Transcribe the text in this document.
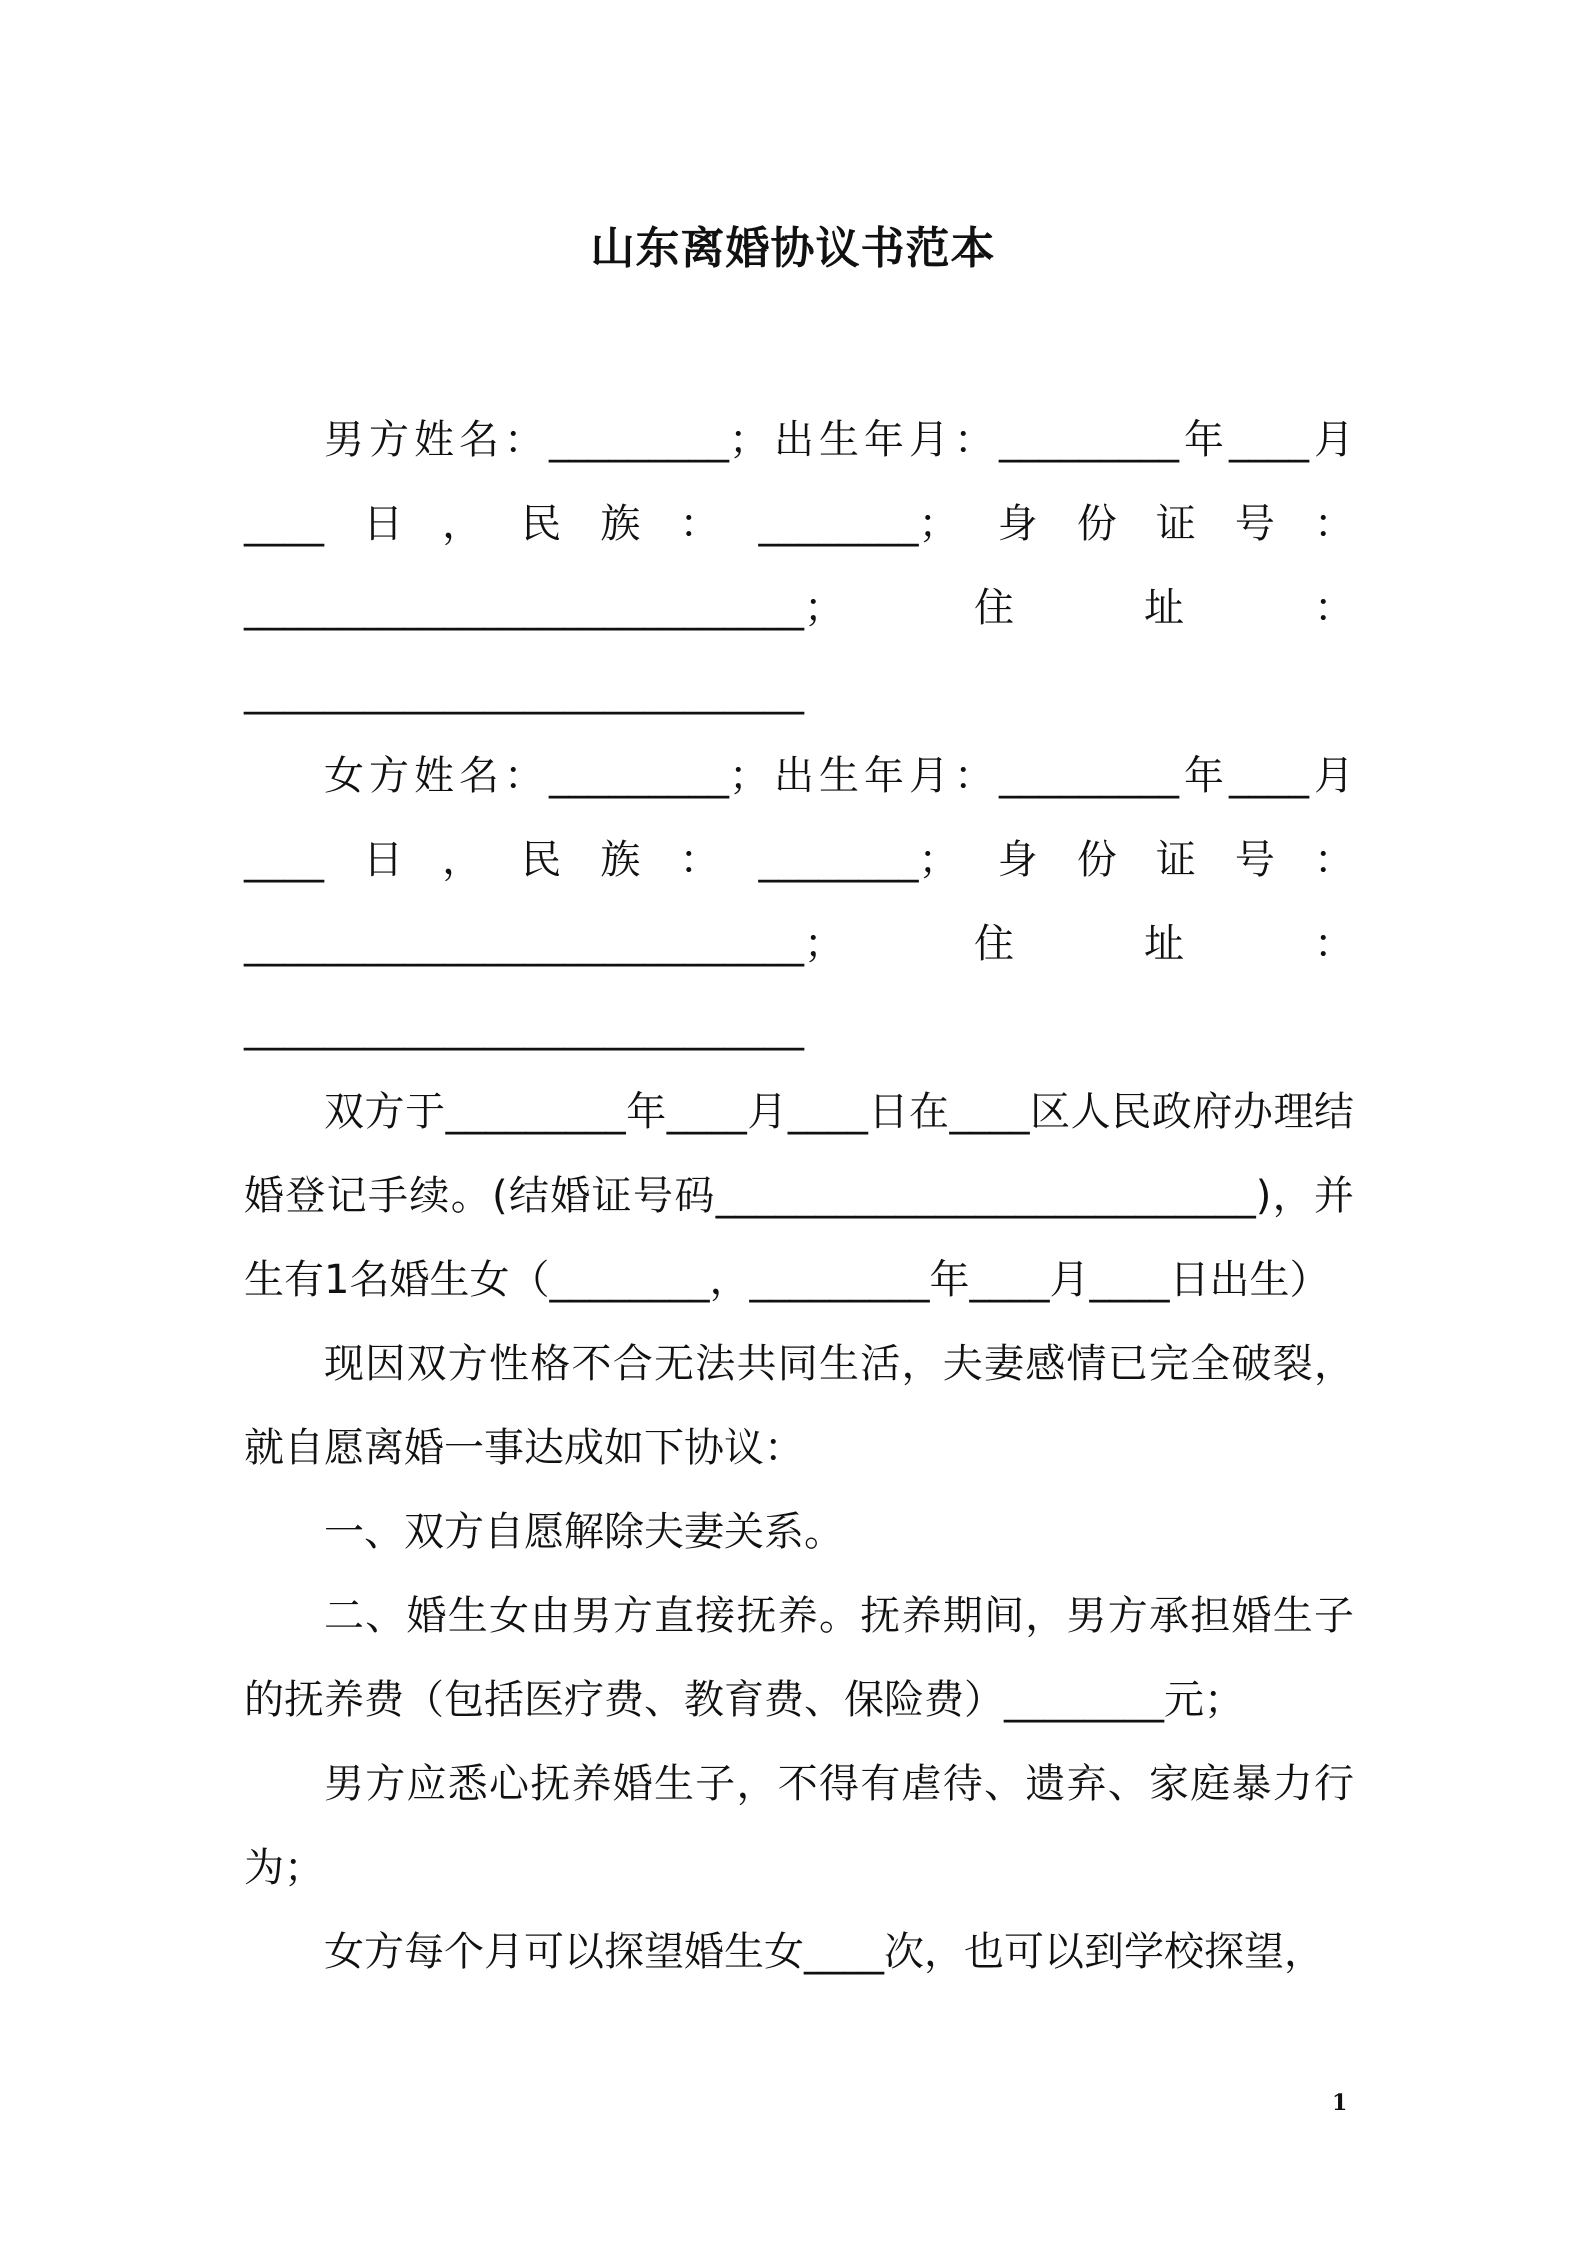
山东离婚协议书范本

男方姓名：_________；出生年月：_________年____月____日，民族：________；身份证号：____________________________；住址：____________________________

女方姓名：_________；出生年月：_________年____月____日，民族：________；身份证号：____________________________；住址：____________________________

双方于_________年____月____日在____区人民政府办理结婚登记手续。(结婚证号码___________________________)，并生有1名婚生女（________，_________年____月____日出生）

现因双方性格不合无法共同生活，夫妻感情已完全破裂，就自愿离婚一事达成如下协议：

一、双方自愿解除夫妻关系。

二、婚生女由男方直接抚养。抚养期间，男方承担婚生子的抚养费（包括医疗费、教育费、保险费）________元；

男方应悉心抚养婚生子，不得有虐待、遗弃、家庭暴力行为；

女方每个月可以探望婚生女____次，也可以到学校探望，

1
